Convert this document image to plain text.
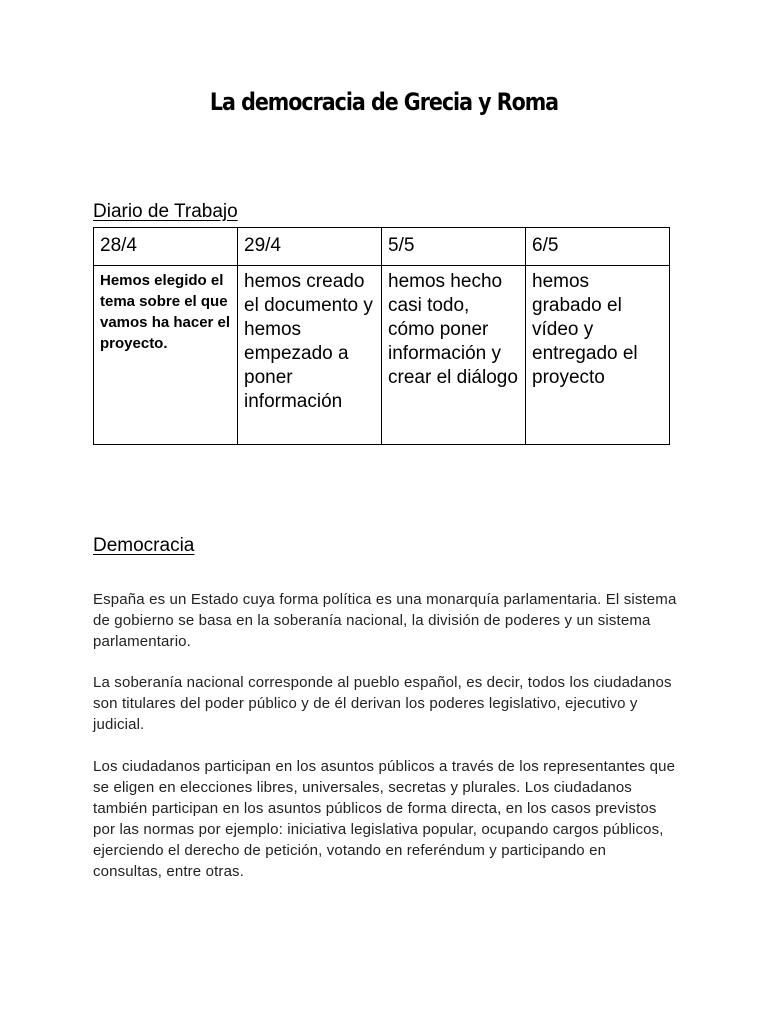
La democracia de Grecia y Roma
Diario de Trabajo
28/4	29/4	5/5	6/5
Hemos elegido el tema sobre el que vamos ha hacer el proyecto.	hemos creado el documento y hemos empezado a poner información	hemos hecho casi todo, cómo poner información y crear el diálogo	hemos grabado el vídeo y entregado el proyecto
Democracia

España es un Estado cuya forma política es una monarquía parlamentaria. El sistema de gobierno se basa en la soberanía nacional, la división de poderes y un sistema parlamentario.

La soberanía nacional corresponde al pueblo español, es decir, todos los ciudadanos son titulares del poder público y de él derivan los poderes legislativo, ejecutivo y judicial.

Los ciudadanos participan en los asuntos públicos a través de los representantes que se eligen en elecciones libres, universales, secretas y plurales. Los ciudadanos también participan en los asuntos públicos de forma directa, en los casos previstos por las normas por ejemplo: iniciativa legislativa popular, ocupando cargos públicos, ejerciendo el derecho de petición, votando en referéndum y participando en consultas, entre otras.
